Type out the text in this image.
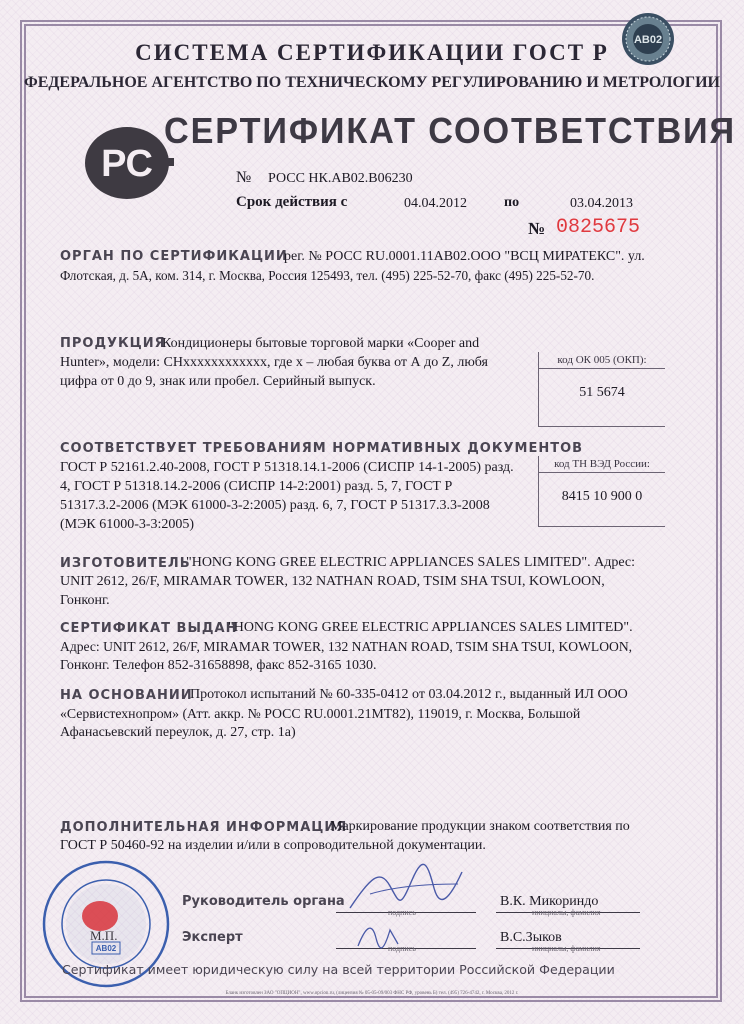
АВ02
СИСТЕМА СЕРТИФИКАЦИИ ГОСТ Р
ФЕДЕРАЛЬНОЕ АГЕНТСТВО ПО ТЕХНИЧЕСКОМУ РЕГУЛИРОВАНИЮ И МЕТРОЛОГИИ
РС
СЕРТИФИКАТ СООТВЕТСТВИЯ
№ РОСС НК.АВ02.В06230
Срок действия с	04.04.2012	по	03.04.2013
№ 0825675
ОРГАН ПО СЕРТИФИКАЦИИ
рег. № РОСС RU.0001.11АВ02.ООО "ВСЦ МИРАТЕКС". ул.
Флотская, д. 5А, ком. 314, г. Москва, Россия 125493, тел. (495) 225-52-70, факс (495) 225-52-70.
ПРОДУКЦИЯ
Кондиционеры бытовые торговой марки «Cooper and
Hunter», модели: CHxxxxxxxxxxxx, где х – любая буква от А до Z, любя
цифра от 0 до 9, знак или пробел. Серийный выпуск.
код ОК 005 (ОКП):
51 5674
СООТВЕТСТВУЕТ ТРЕБОВАНИЯМ НОРМАТИВНЫХ ДОКУМЕНТОВ
ГОСТ Р 52161.2.40-2008, ГОСТ Р 51318.14.1-2006 (СИСПР 14-1-2005) разд.
4, ГОСТ Р 51318.14.2-2006 (СИСПР 14-2:2001) разд. 5, 7, ГОСТ Р
51317.3.2-2006 (МЭК 61000-3-2:2005) разд. 6, 7, ГОСТ Р 51317.3.3-2008
(МЭК 61000-3-3:2005)
код ТН ВЭД России:
8415 10 900 0
ИЗГОТОВИТЕЛЬ
"HONG KONG GREE ELECTRIC APPLIANCES SALES LIMITED". Адрес:
UNIT 2612, 26/F, MIRAMAR TOWER, 132 NATHAN ROAD, TSIM SHA TSUI, KOWLOON,
Гонконг.
СЕРТИФИКАТ ВЫДАН
"HONG KONG GREE ELECTRIC APPLIANCES SALES LIMITED".
Адрес: UNIT 2612, 26/F, MIRAMAR TOWER, 132 NATHAN ROAD, TSIM SHA TSUI, KOWLOON,
Гонконг. Телефон 852-31658898, факс 852-3165 1030.
НА ОСНОВАНИИ
Протокол испытаний № 60-335-0412 от 03.04.2012 г., выданный ИЛ ООО
«Сервистехнопром» (Атт. аккр. № РОСС RU.0001.21МТ82), 119019, г. Москва, Большой
Афанасьевский переулок, д. 27, стр. 1а)
ДОПОЛНИТЕЛЬНАЯ ИНФОРМАЦИЯ
Маркирование продукции знаком соответствия по
ГОСТ Р 50460-92 на изделии и/или в сопроводительной документации.
АВ02
М.П.
Руководитель органа
подпись
В.К. Микориндо
инициалы, фамилия
Эксперт
подпись
В.С.Зыков
инициалы, фамилия
Сертификат имеет юридическую силу на всей территории Российской Федерации
Бланк изготовлен ЗАО "ОПЦИОН", www.opcion.ru, (лицензия № 05-05-09/003 ФНС РФ, уровень Б) тел. (495) 726-4742, г. Москва, 2012 г.
